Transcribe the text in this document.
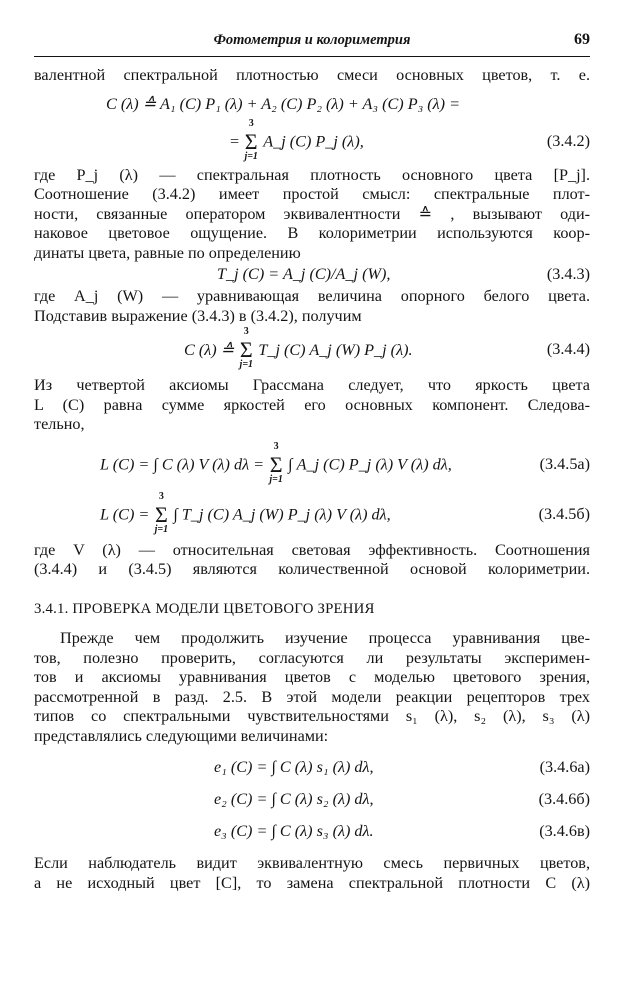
Фотометрия и колориметрия	69
валентной спектральной плотностью смеси основных цветов, т. е.
C (λ) ≙ A₁ (C) P₁ (λ) + A₂ (C) P₂ (λ) + A₃ (C) P₃ (λ) =
=
3
Σ
j=1
A_j (C) P_j (λ),	(3.4.2)
где P_j (λ) — спектральная плотность основного цвета [P_j].
Соотношение (3.4.2) имеет простой смысл: спектральные плот-
ности, связанные оператором эквивалентности ≙ , вызывают оди-
наковое цветовое ощущение. В колориметрии используются коор-
динаты цвета, равные по определению
T_j (C) = A_j (C)/A_j (W),	(3.4.3)
где A_j (W) — уравнивающая величина опорного белого цвета.
Подставив выражение (3.4.3) в (3.4.2), получим
C (λ) ≙
3
Σ
j=1
T_j (C) A_j (W) P_j (λ).	(3.4.4)
Из четвертой аксиомы Грассмана следует, что яркость цвета
L (C) равна сумме яркостей его основных компонент. Следова-
тельно,
L (C) = ∫ C (λ) V (λ) dλ =
3
Σ
j=1
∫ A_j (C) P_j (λ) V (λ) dλ,	(3.4.5а)
L (C) =
3
Σ
j=1
∫ T_j (C) A_j (W) P_j (λ) V (λ) dλ,	(3.4.5б)
где V (λ) — относительная световая эффективность. Соотношения
(3.4.4) и (3.4.5) являются количественной основой колориметрии.
3.4.1. ПРОВЕРКА МОДЕЛИ ЦВЕТОВОГО ЗРЕНИЯ
Прежде чем продолжить изучение процесса уравнивания цве-
тов, полезно проверить, согласуются ли результаты эксперимен-
тов и аксиомы уравнивания цветов с моделью цветового зрения,
рассмотренной в разд. 2.5. В этой модели реакции рецепторов трех
типов со спектральными чувствительностями s₁ (λ), s₂ (λ), s₃ (λ)
представлялись следующими величинами:
e₁ (C) = ∫ C (λ) s₁ (λ) dλ,	(3.4.6а)
e₂ (C) = ∫ C (λ) s₂ (λ) dλ,	(3.4.6б)
e₃ (C) = ∫ C (λ) s₃ (λ) dλ.	(3.4.6в)
Если наблюдатель видит эквивалентную смесь первичных цветов,
а не исходный цвет [C], то замена спектральной плотности C (λ)
